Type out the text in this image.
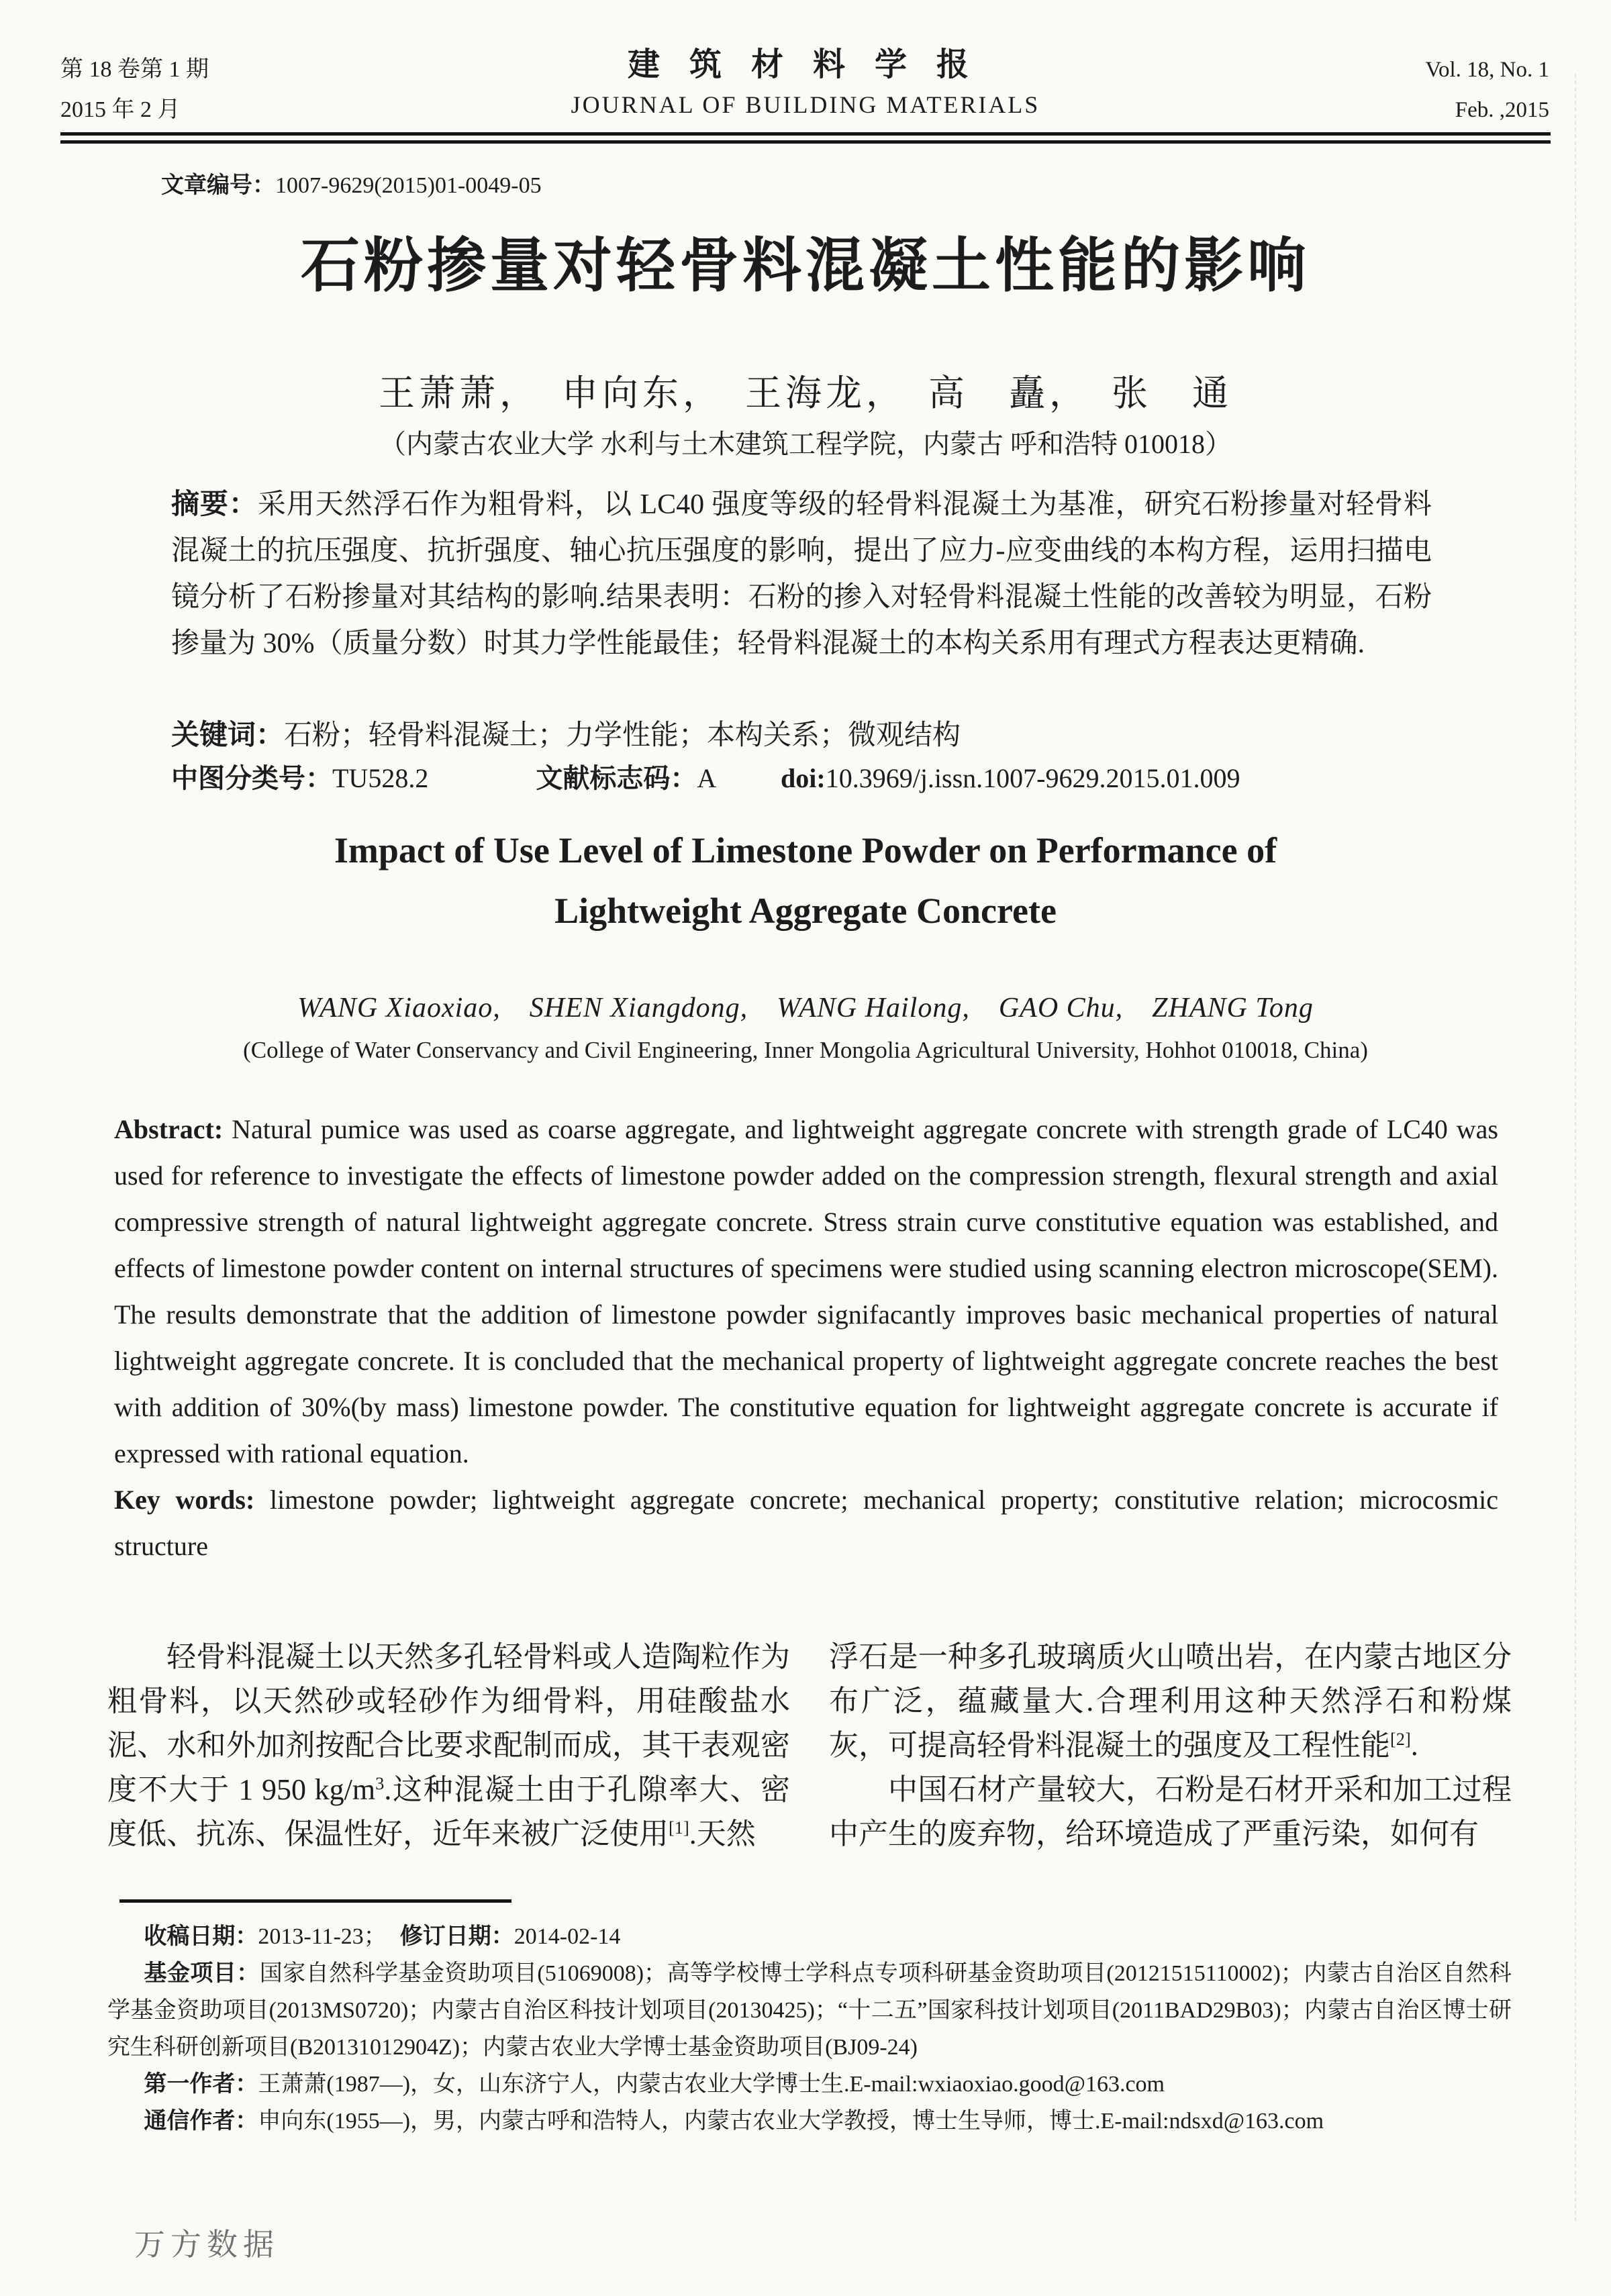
第 18 卷第 1 期
2015 年 2 月
建筑材料学报
JOURNAL OF BUILDING MATERIALS
Vol. 18, No. 1
Feb. ,2015
文章编号：1007-9629(2015)01-0049-05
石粉掺量对轻骨料混凝土性能的影响
王萧萧，　申向东，　王海龙，　高　矗，　张　通
（内蒙古农业大学 水利与土木建筑工程学院，内蒙古 呼和浩特 010018）
摘要：采用天然浮石作为粗骨料，以 LC40 强度等级的轻骨料混凝土为基准，研究石粉掺量对轻骨料混凝土的抗压强度、抗折强度、轴心抗压强度的影响，提出了应力-应变曲线的本构方程，运用扫描电镜分析了石粉掺量对其结构的影响.结果表明：石粉的掺入对轻骨料混凝土性能的改善较为明显，石粉掺量为 30%（质量分数）时其力学性能最佳；轻骨料混凝土的本构关系用有理式方程表达更精确.
关键词：石粉；轻骨料混凝土；力学性能；本构关系；微观结构
中图分类号：TU528.2	文献标志码：A doi:10.3969/j.issn.1007-9629.2015.01.009
Impact of Use Level of Limestone Powder on Performance of
Lightweight Aggregate Concrete
WANG Xiaoxiao,　SHEN Xiangdong,　WANG Hailong,　GAO Chu,　ZHANG Tong
(College of Water Conservancy and Civil Engineering, Inner Mongolia Agricultural University, Hohhot 010018, China)

Abstract: Natural pumice was used as coarse aggregate, and lightweight aggregate concrete with strength grade of LC40 was used for reference to investigate the effects of limestone powder added on the compression strength, flexural strength and axial compressive strength of natural lightweight aggregate concrete. Stress strain curve constitutive equation was established, and effects of limestone powder content on internal structures of specimens were studied using scanning electron microscope(SEM). The results demonstrate that the addition of limestone powder signifacantly improves basic mechanical properties of natural lightweight aggregate concrete. It is concluded that the mechanical property of lightweight aggregate concrete reaches the best with addition of 30%(by mass) limestone powder. The constitutive equation for lightweight aggregate concrete is accurate if expressed with rational equation.

Key words: limestone powder; lightweight aggregate concrete; mechanical property; constitutive relation; microcosmic structure

轻骨料混凝土以天然多孔轻骨料或人造陶粒作为粗骨料，以天然砂或轻砂作为细骨料，用硅酸盐水泥、水和外加剂按配合比要求配制而成，其干表观密度不大于 1 950 $kg/m^3$.这种混凝土由于孔隙率大、密度低、抗冻、保温性好，近年来被广泛使用[1].天然

浮石是一种多孔玻璃质火山喷出岩，在内蒙古地区分布广泛，蕴藏量大.合理利用这种天然浮石和粉煤灰，可提高轻骨料混凝土的强度及工程性能[2].

中国石材产量较大，石粉是石材开采和加工过程中产生的废弃物，给环境造成了严重污染，如何有

收稿日期：2013-11-23； 修订日期：2014-02-14

基金项目：国家自然科学基金资助项目(51069008)；高等学校博士学科点专项科研基金资助项目(20121515110002)；内蒙古自治区自然科学基金资助项目(2013MS0720)；内蒙古自治区科技计划项目(20130425)；“十二五”国家科技计划项目(2011BAD29B03)；内蒙古自治区博士研究生科研创新项目(B20131012904Z)；内蒙古农业大学博士基金资助项目(BJ09-24)

第一作者：王萧萧(1987—)，女，山东济宁人，内蒙古农业大学博士生.E-mail:wxiaoxiao.good@163.com

通信作者：申向东(1955—)，男，内蒙古呼和浩特人，内蒙古农业大学教授，博士生导师，博士.E-mail:ndsxd@163.com

万方数据
